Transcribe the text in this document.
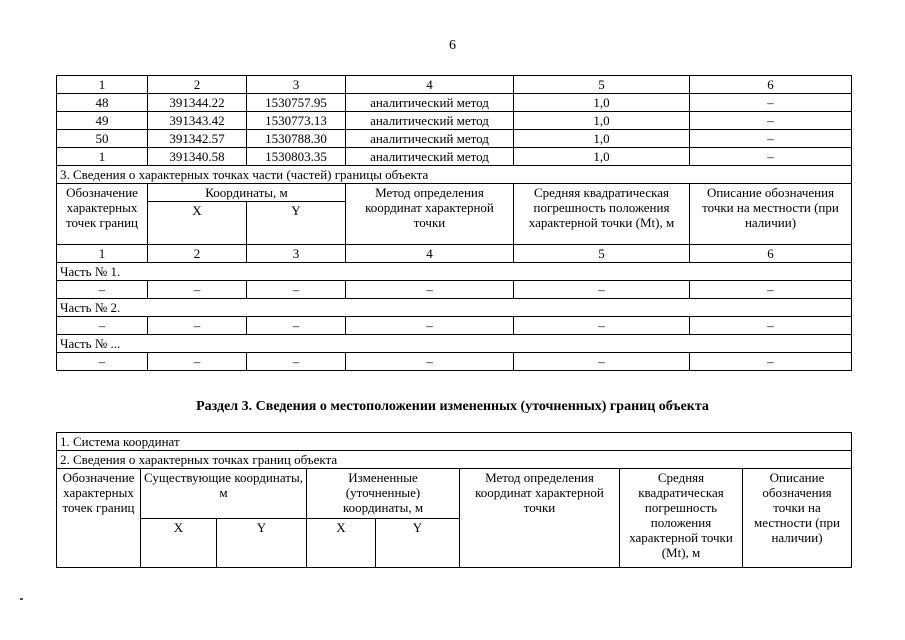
6
1	2	3	4	5	6
48	391344.22	1530757.95	аналитический метод	1,0	–
49	391343.42	1530773.13	аналитический метод	1,0	–
50	391342.57	1530788.30	аналитический метод	1,0	–
1	391340.58	1530803.35	аналитический метод	1,0	–
3. Сведения о характерных точках части (частей) границы объекта					
Обозначение характерных точек границ	Координаты, м		Метод определения координат характерной точки	Средняя квадратическая погрешность положения характерной точки (Mt), м	Описание обозначения точки на местности (при наличии)
	X	Y			
1	2	3	4	5	6
Часть № 1.					
–	–	–	–	–	–
Часть № 2.					
–	–	–	–	–	–
Часть № ...					
–	–	–	–	–	–
Раздел 3. Сведения о местоположении измененных (уточненных) границ объекта
1. Система координат							
2. Сведения о характерных точках границ объекта							
Обозначение характерных точек границ	Существующие координаты, м		Измененные (уточненные) координаты, м		Метод определения координат характерной точки	Средняя квадратическая погрешность положения характерной точки (Mt), м	Описание обозначения точки на местности (при наличии)
	X	Y	X	Y			
